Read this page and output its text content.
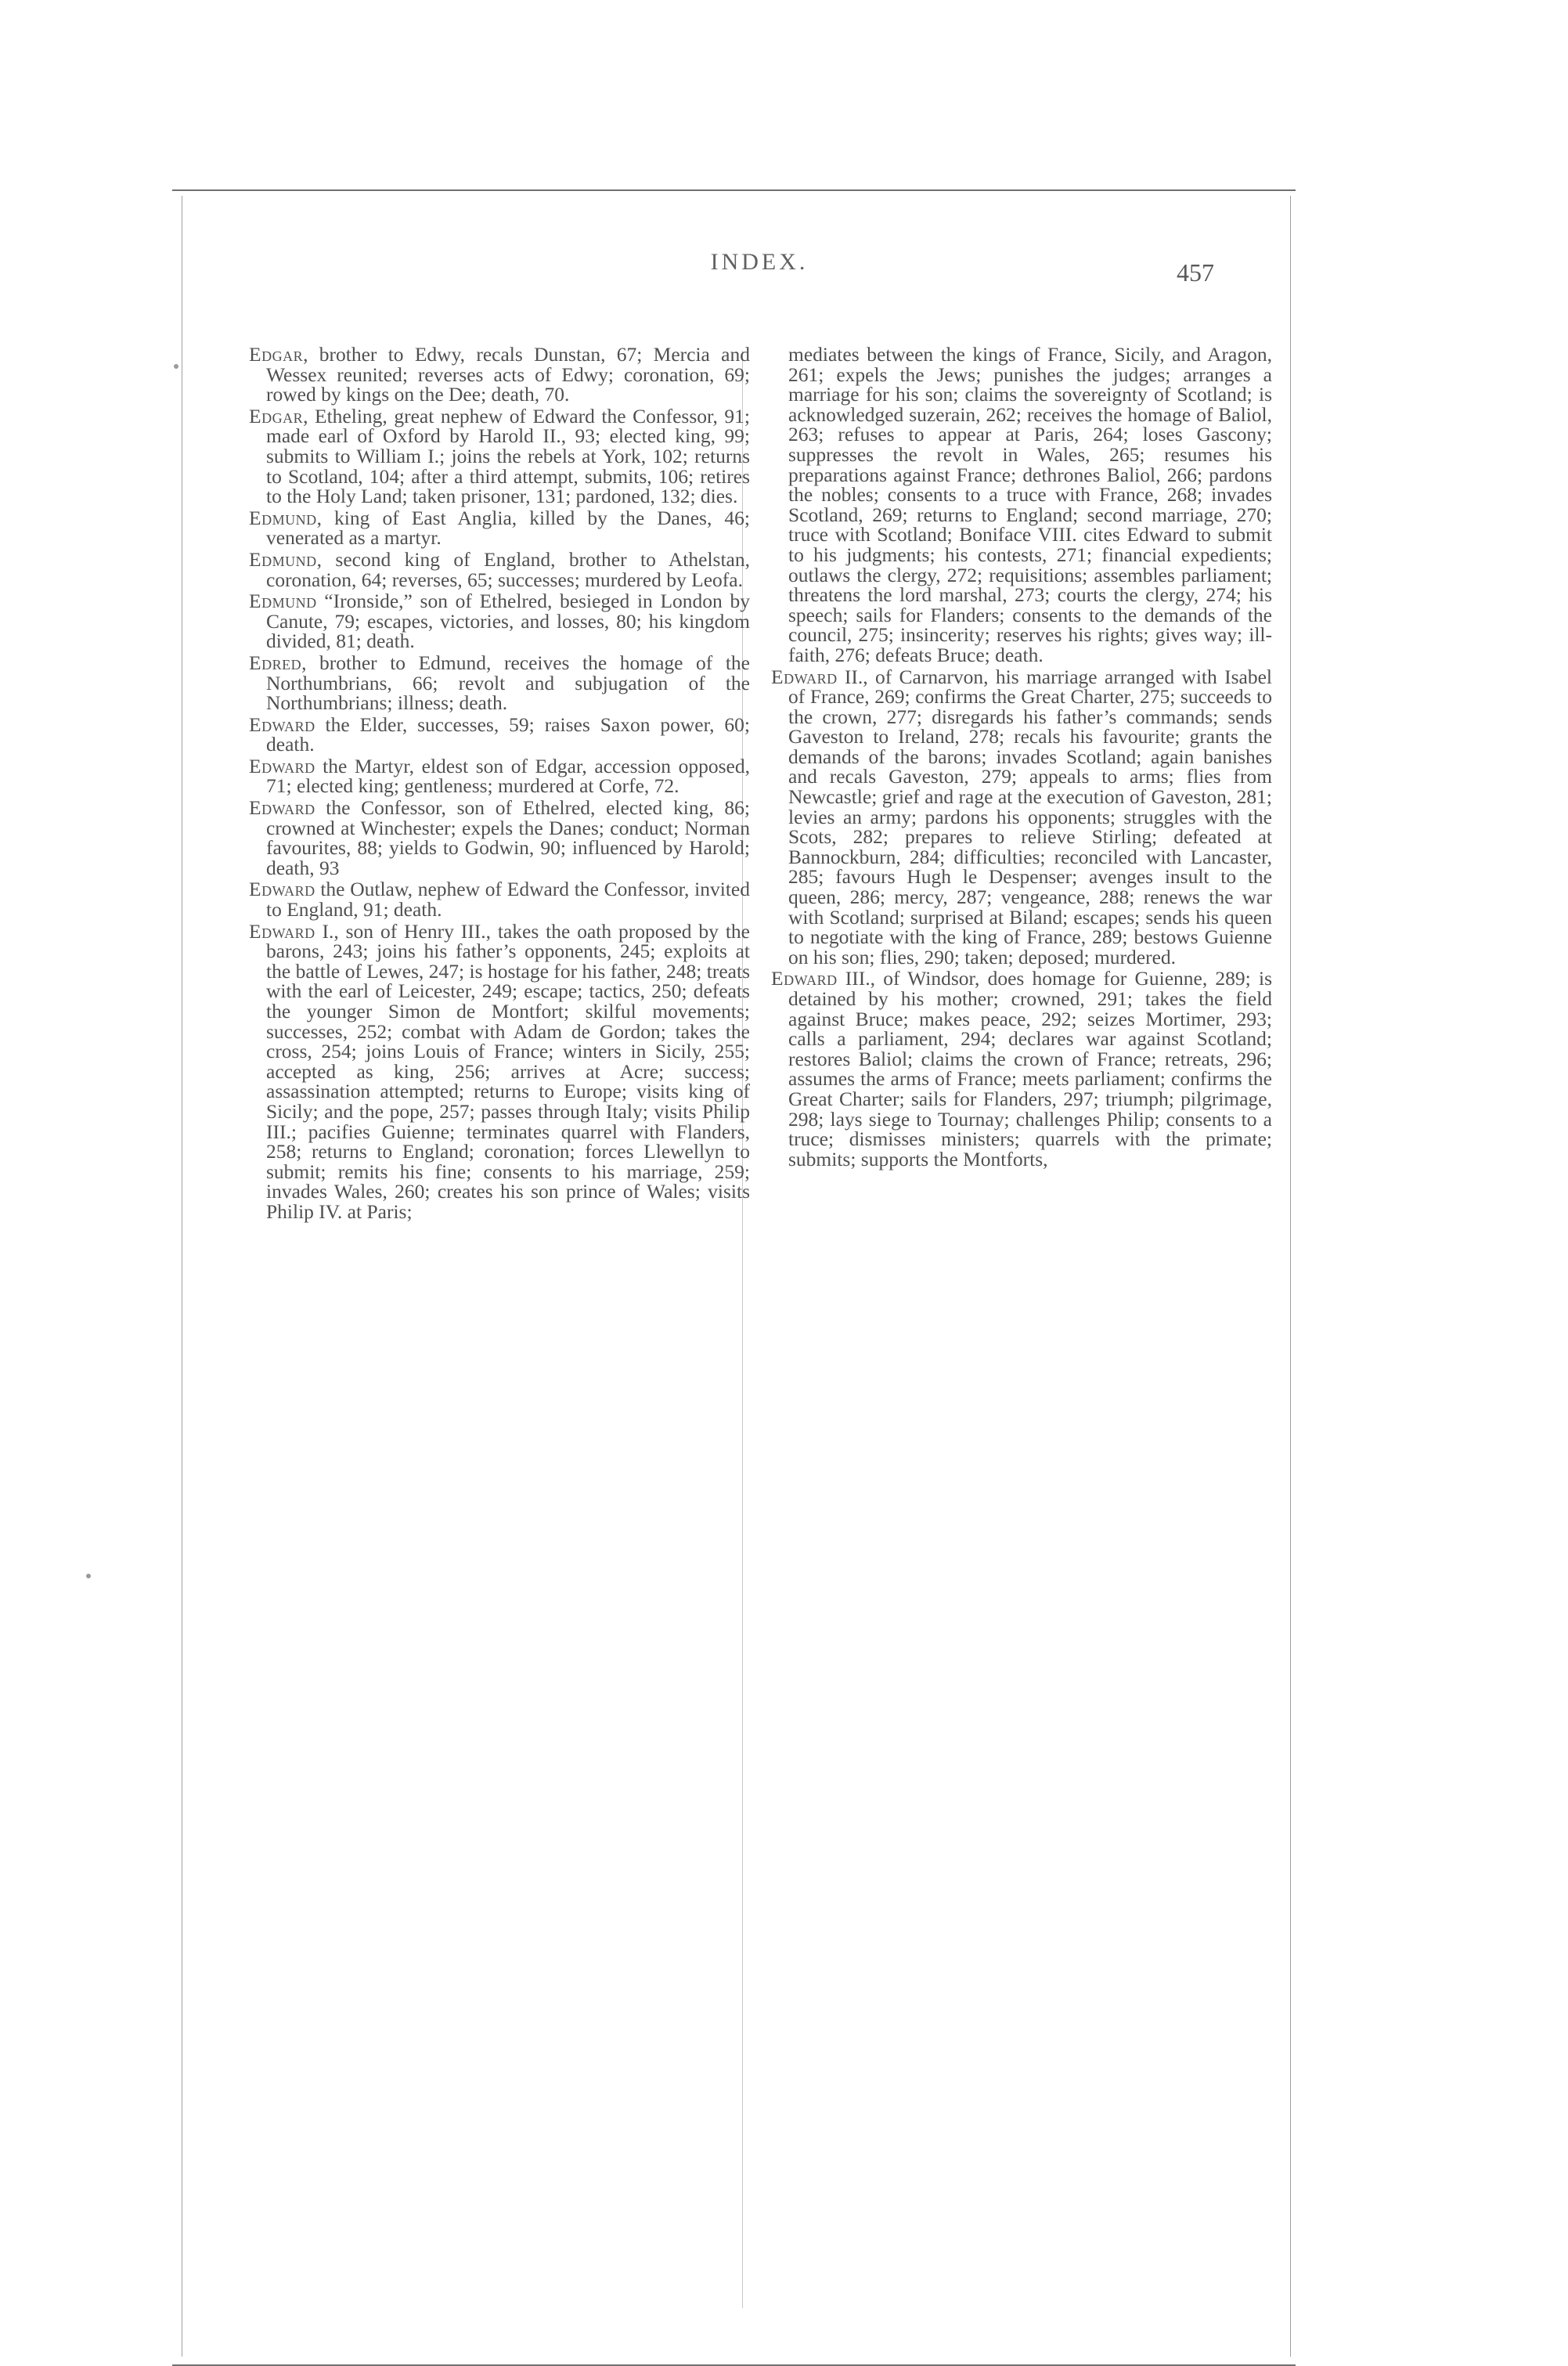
INDEX.	457

Edgar, brother to Edwy, recals Dunstan, 67; Mercia and Wessex reunited; reverses acts of Edwy; coronation, 69; rowed by kings on the Dee; death, 70.

Edgar, Etheling, great nephew of Edward the Confessor, 91; made earl of Oxford by Harold II., 93; elected king, 99; submits to William I.; joins the rebels at York, 102; returns to Scotland, 104; after a third attempt, submits, 106; retires to the Holy Land; taken prisoner, 131; pardoned, 132; dies.

Edmund, king of East Anglia, killed by the Danes, 46; venerated as a martyr.

Edmund, second king of England, brother to Athelstan, coronation, 64; reverses, 65; successes; murdered by Leofa.

Edmund “Ironside,” son of Ethelred, besieged in London by Canute, 79; escapes, victories, and losses, 80; his kingdom divided, 81; death.

Edred, brother to Edmund, receives the homage of the Northumbrians, 66; revolt and subjugation of the Northumbrians; illness; death.

Edward the Elder, successes, 59; raises Saxon power, 60; death.

Edward the Martyr, eldest son of Edgar, accession opposed, 71; elected king; gentleness; murdered at Corfe, 72.

Edward the Confessor, son of Ethelred, elected king, 86; crowned at Winchester; expels the Danes; conduct; Norman favourites, 88; yields to Godwin, 90; influenced by Harold; death, 93

Edward the Outlaw, nephew of Edward the Confessor, invited to England, 91; death.

Edward I., son of Henry III., takes the oath proposed by the barons, 243; joins his father’s opponents, 245; exploits at the battle of Lewes, 247; is hostage for his father, 248; treats with the earl of Leicester, 249; escape; tactics, 250; defeats the younger Simon de Montfort; skilful movements; successes, 252; combat with Adam de Gordon; takes the cross, 254; joins Louis of France; winters in Sicily, 255; accepted as king, 256; arrives at Acre; success; assassination attempted; returns to Europe; visits king of Sicily; and the pope, 257; passes through Italy; visits Philip III.; pacifies Guienne; terminates quarrel with Flanders, 258; returns to England; coronation; forces Llewellyn to submit; remits his fine; consents to his marriage, 259; invades Wales, 260; creates his son prince of Wales; visits Philip IV. at Paris;

mediates between the kings of France, Sicily, and Aragon, 261; expels the Jews; punishes the judges; arranges a marriage for his son; claims the sovereignty of Scotland; is acknowledged suzerain, 262; receives the homage of Baliol, 263; refuses to appear at Paris, 264; loses Gascony; suppresses the revolt in Wales, 265; resumes his preparations against France; dethrones Baliol, 266; pardons the nobles; consents to a truce with France, 268; invades Scotland, 269; returns to England; second marriage, 270; truce with Scotland; Boniface VIII. cites Edward to submit to his judgments; his contests, 271; financial expedients; outlaws the clergy, 272; requisitions; assembles parliament; threatens the lord marshal, 273; courts the clergy, 274; his speech; sails for Flanders; consents to the demands of the council, 275; insincerity; reserves his rights; gives way; ill-faith, 276; defeats Bruce; death.

Edward II., of Carnarvon, his marriage arranged with Isabel of France, 269; confirms the Great Charter, 275; succeeds to the crown, 277; disregards his father’s commands; sends Gaveston to Ireland, 278; recals his favourite; grants the demands of the barons; invades Scotland; again banishes and recals Gaveston, 279; appeals to arms; flies from Newcastle; grief and rage at the execution of Gaveston, 281; levies an army; pardons his opponents; struggles with the Scots, 282; prepares to relieve Stirling; defeated at Bannockburn, 284; difficulties; reconciled with Lancaster, 285; favours Hugh le Despenser; avenges insult to the queen, 286; mercy, 287; vengeance, 288; renews the war with Scotland; surprised at Biland; escapes; sends his queen to negotiate with the king of France, 289; bestows Guienne on his son; flies, 290; taken; deposed; murdered.

Edward III., of Windsor, does homage for Guienne, 289; is detained by his mother; crowned, 291; takes the field against Bruce; makes peace, 292; seizes Mortimer, 293; calls a parliament, 294; declares war against Scotland; restores Baliol; claims the crown of France; retreats, 296; assumes the arms of France; meets parliament; confirms the Great Charter; sails for Flanders, 297; triumph; pilgrimage, 298; lays siege to Tournay; challenges Philip; consents to a truce; dismisses ministers; quarrels with the primate; submits; supports the Montforts,
